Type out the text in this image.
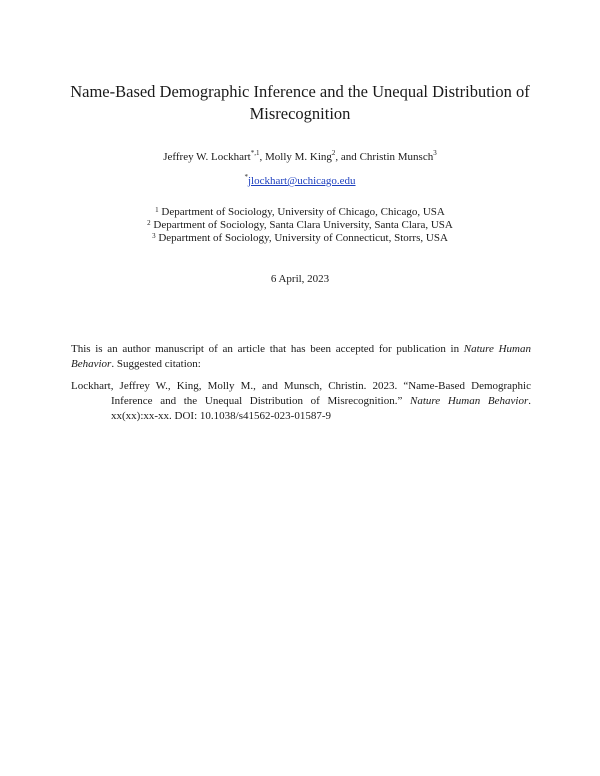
Name-Based Demographic Inference and the Unequal Distribution of
Misrecognition
Jeffrey W. Lockhart$^{*,1}$, Molly M. King$^2$, and Christin Munsch$^3$
*jlockhart@uchicago.edu
$^1$ Department of Sociology, University of Chicago, Chicago, USA
$^2$ Department of Sociology, Santa Clara University, Santa Clara, USA
$^3$ Department of Sociology, University of Connecticut, Storrs, USA
6 April, 2023
This is an author manuscript of an article that has been accepted for publication in Nature Human Behavior. Suggested citation:
Lockhart, Jeffrey W., King, Molly M., and Munsch, Christin. 2023. “Name-Based Demographic Inference and the Unequal Distribution of Misrecognition.” Nature Human Behavior. xx(xx):xx-xx. DOI: 10.1038/s41562-023-01587-9
